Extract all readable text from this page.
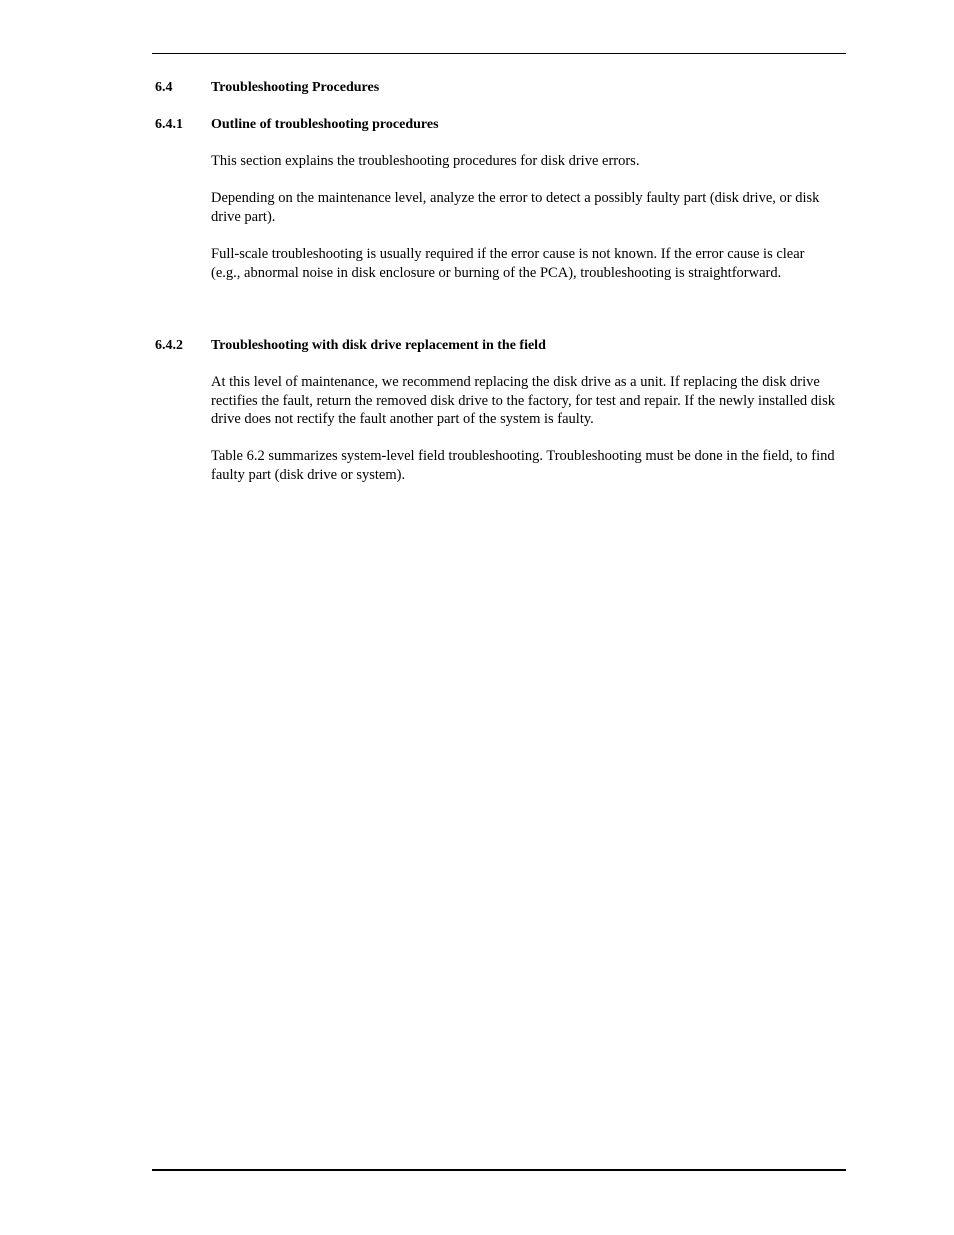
6.4	Troubleshooting Procedures
6.4.1 Outline of troubleshooting procedures

This section explains the troubleshooting procedures for disk drive errors.

Depending on the maintenance level, analyze the error to detect a possibly faulty part (disk drive, or disk drive part).

Full-scale troubleshooting is usually required if the error cause is not known. If the error cause is clear (e.g., abnormal noise in disk enclosure or burning of the PCA), troubleshooting is straightforward.

6.4.2 Troubleshooting with disk drive replacement in the field

At this level of maintenance, we recommend replacing the disk drive as a unit. If replacing the disk drive rectifies the fault, return the removed disk drive to the factory, for test and repair. If the newly installed disk drive does not rectify the fault another part of the system is faulty.

Table 6.2 summarizes system-level field troubleshooting. Troubleshooting must be done in the field, to find faulty part (disk drive or system).
